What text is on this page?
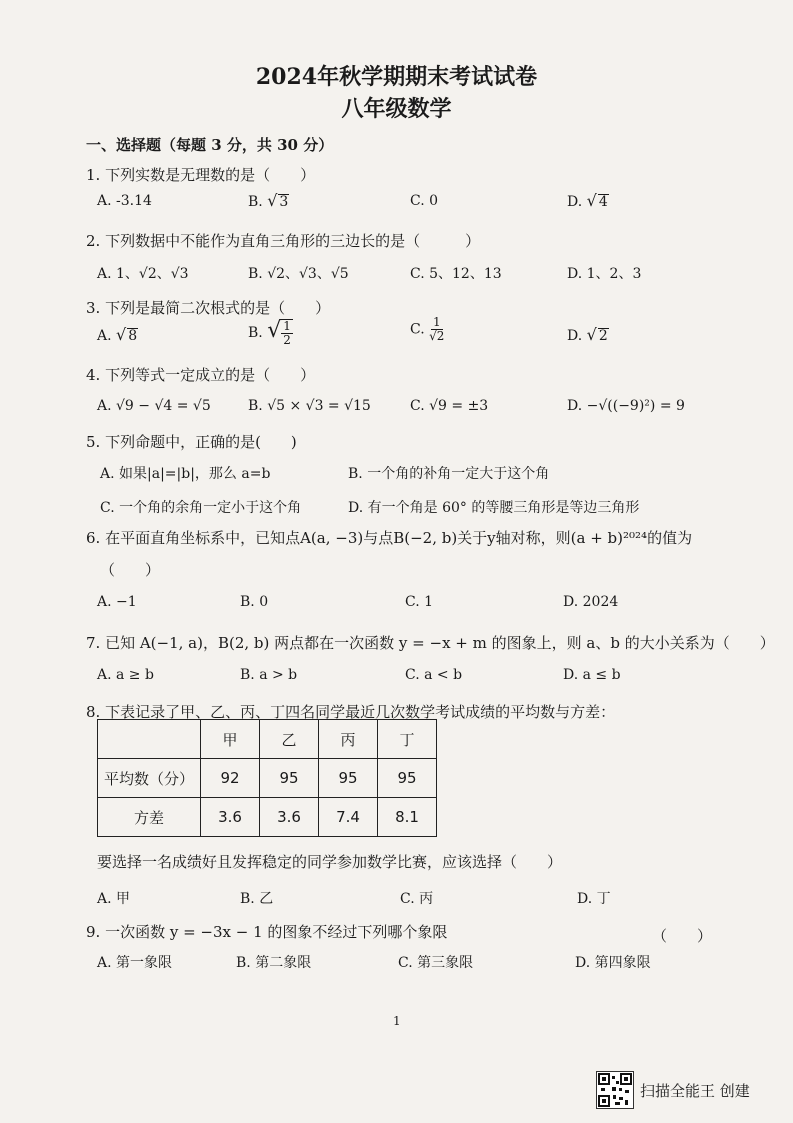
2024年秋学期期末考试试卷
八年级数学
一、选择题（每题 3 分，共 30 分）
1. 下列实数是无理数的是（　　）
A. -3.14	B. √ 3	C. 0	D. √ 4
2. 下列数据中不能作为直角三角形的三边长的是（　　　）
A. 1、√2、√3	B. √2、√3、√5	C. 5、12、13	D. 1、2、3
3. 下列是最简二次根式的是（　　）
A. √ 8	B. √ $\frac{1}{2}$	C. $\frac{1}{√2}$	D. √ 2
4. 下列等式一定成立的是（　　）
A. √9 − √4 = √5	B. √5 × √3 = √15	C. √9 = ±3	D. −√((−9)²) = 9
5. 下列命题中，正确的是(　　)
A. 如果|a|=|b|，那么 a=b	B. 一个角的补角一定大于这个角
C. 一个角的余角一定小于这个角	D. 有一个角是 60° 的等腰三角形是等边三角形
6. 在平面直角坐标系中，已知点A(a, −3)与点B(−2, b)关于y轴对称，则(a + b)²⁰²⁴的值为
（　　）
A. −1	B. 0	C. 1	D. 2024
7. 已知 A(−1, a)，B(2, b) 两点都在一次函数 y = −x + m 的图象上，则 a、b 的大小关系为（　　）
A. a ≥ b	B. a > b	C. a < b	D. a ≤ b
8. 下表记录了甲、乙、丙、丁四名同学最近几次数学考试成绩的平均数与方差：
	甲	乙	丙	丁
平均数（分）	92	95	95	95
方差	3.6	3.6	7.4	8.1
要选择一名成绩好且发挥稳定的同学参加数学比赛，应该选择（　　）
A. 甲	B. 乙	C. 丙	D. 丁
9. 一次函数 y = −3x − 1 的图象不经过下列哪个象限	（　　）
A. 第一象限	B. 第二象限	C. 第三象限	D. 第四象限
1
扫描全能王 创建
